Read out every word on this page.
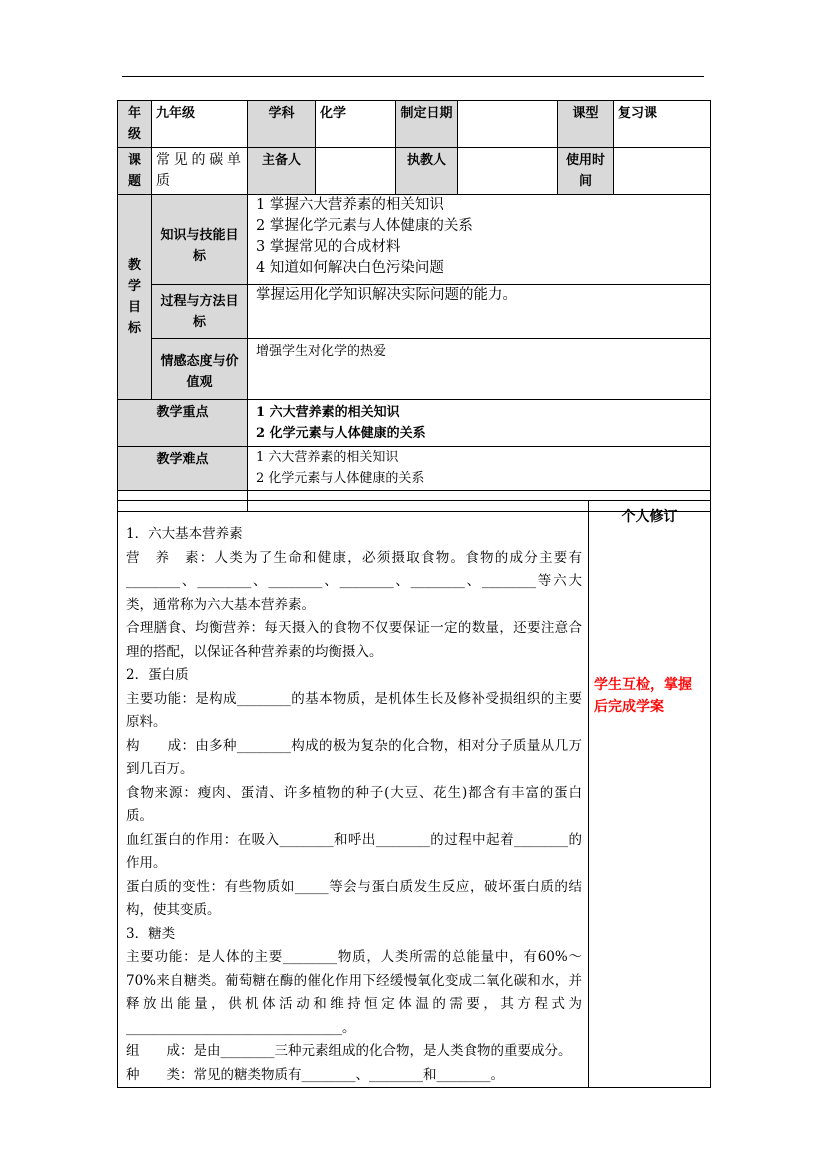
年级	九年级	学科	化学	制定日期		课型	复习课
课题	常见的碳单质	主备人		执教人		使用时间	
教学目标	知识与技能目标	1 掌握六大营养素的相关知识
2 掌握化学元素与人体健康的关系
3 掌握常见的合成材料
4 知道如何解决白色污染问题					

	过程与方法目标	掌握运用化学知识解决实际问题的能力。					
	情感态度与价值观	增强学生对化学的热爱					
教学重点		1 六大营养素的相关知识
2 化学元素与人体健康的关系					

教学难点		1 六大营养素的相关知识
2 化学元素与人体健康的关系					

1．六大基本营养素

营　养　素：人类为了生命和健康，必须摄取食物。食物的成分主要有________、________、________、________、________、________等六大类，通常称为六大基本营养素。

合理膳食、均衡营养：每天摄入的食物不仅要保证一定的数量，还要注意合理的搭配，以保证各种营养素的均衡摄入。

2．蛋白质

主要功能：是构成________的基本物质，是机体生长及修补受损组织的主要原料。

构　　成：由多种________构成的极为复杂的化合物，相对分子质量从几万到几百万。

食物来源：瘦肉、蛋清、许多植物的种子(大豆、花生)都含有丰富的蛋白质。

血红蛋白的作用：在吸入________和呼出________的过程中起着________的作用。

蛋白质的变性：有些物质如_____等会与蛋白质发生反应，破坏蛋白质的结构，使其变质。

3．糖类

主要功能：是人体的主要________物质，人类所需的总能量中，有60%～70%来自糖类。葡萄糖在酶的催化作用下经缓慢氧化变成二氧化碳和水，并释放出能量，供机体活动和维持恒定体温的需要，其方程式为________________________________。

组　　成：是由________三种元素组成的化合物，是人类食物的重要成分。

种　　类：常见的糖类物质有________、________和________。

个人修订
学生互检，掌握后完成学案
